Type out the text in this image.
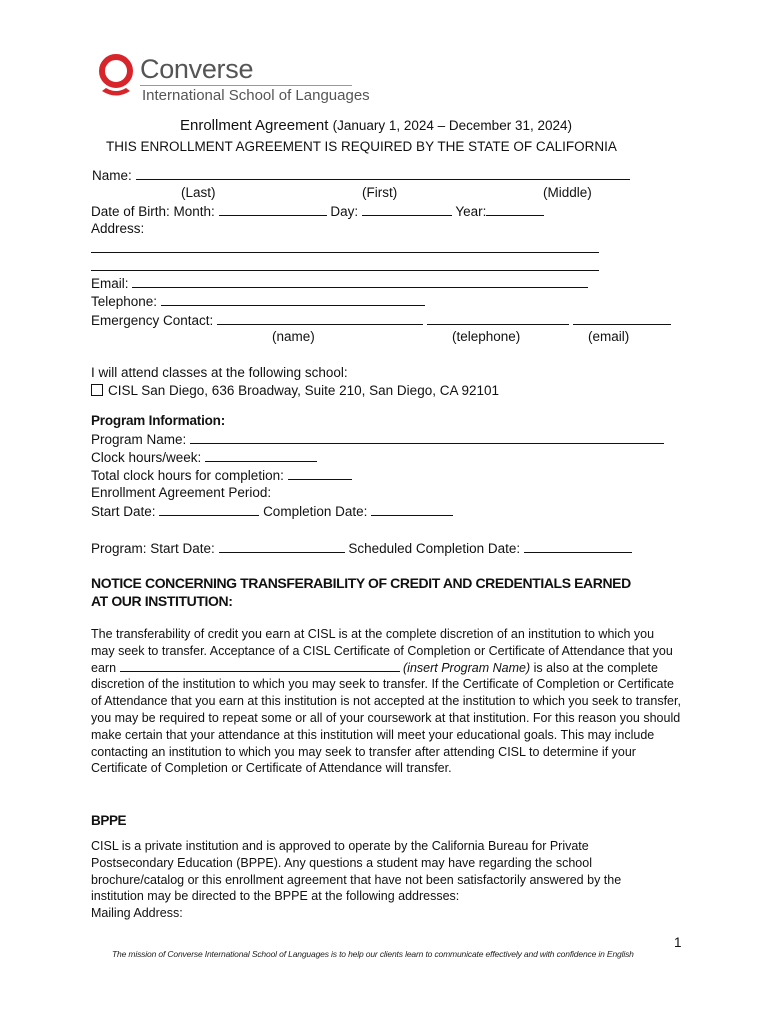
Converse
International School of Languages
Enrollment Agreement (January 1, 2024 – December 31, 2024)
THIS ENROLLMENT AGREEMENT IS REQUIRED BY THE STATE OF CALIFORNIA
Name:
(Last)	(First)	(Middle)
Date of Birth: Month:	Day:	Year:
Address:
Email:
Telephone:
Emergency Contact:
(name)	(telephone)	(email)
I will attend classes at the following school:
CISL San Diego, 636 Broadway, Suite 210, San Diego, CA 92101
Program Information:
Program Name:
Clock hours/week:
Total clock hours for completion:
Enrollment Agreement Period:
Start Date:	Completion Date:
Program: Start Date:	Scheduled Completion Date:
NOTICE CONCERNING TRANSFERABILITY OF CREDIT AND CREDENTIALS EARNED
AT OUR INSTITUTION:
The transferability of credit you earn at CISL is at the complete discretion of an institution to which you may seek to transfer. Acceptance of a CISL Certificate of Completion or Certificate of Attendance that you earn	(insert Program Name) is also at the complete discretion of the institution to which you may seek to transfer. If the Certificate of Completion or Certificate of Attendance that you earn at this institution is not accepted at the institution to which you seek to transfer, you may be required to repeat some or all of your coursework at that institution. For this reason you should make certain that your attendance at this institution will meet your educational goals. This may include contacting an institution to which you may seek to transfer after attending CISL to determine if your Certificate of Completion or Certificate of Attendance will transfer.
BPPE
CISL is a private institution and is approved to operate by the California Bureau for Private Postsecondary Education (BPPE). Any questions a student may have regarding the school brochure/catalog or this enrollment agreement that have not been satisfactorily answered by the institution may be directed to the BPPE at the following addresses:
Mailing Address:
1
The mission of Converse International School of Languages is to help our clients learn to communicate effectively and with confidence in English
